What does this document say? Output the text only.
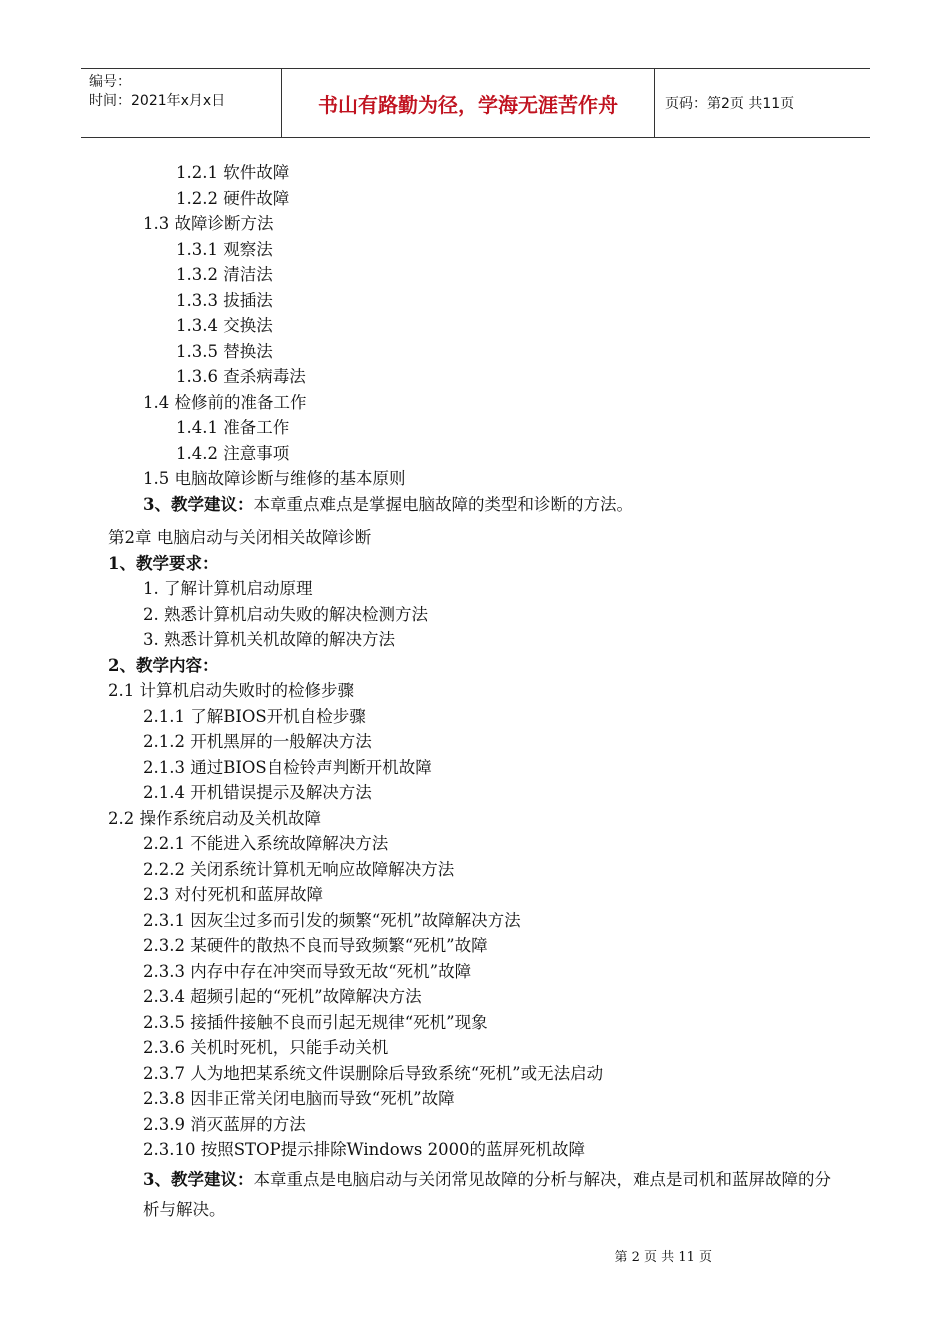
编号：
时间：2021年x月x日	书山有路勤为径，学海无涯苦作舟	页码：第2页 共11页
1.2.1 软件故障
1.2.2 硬件故障
1.3 故障诊断方法
1.3.1 观察法
1.3.2 清洁法
1.3.3 拔插法
1.3.4 交换法
1.3.5 替换法
1.3.6 查杀病毒法
1.4 检修前的准备工作
1.4.1 准备工作
1.4.2 注意事项
1.5 电脑故障诊断与维修的基本原则
3、教学建议：本章重点难点是掌握电脑故障的类型和诊断的方法。
第2章 电脑启动与关闭相关故障诊断
1、教学要求：
1. 了解计算机启动原理
2. 熟悉计算机启动失败的解决检测方法
3. 熟悉计算机关机故障的解决方法
2、教学内容：
2.1 计算机启动失败时的检修步骤
2.1.1 了解BIOS开机自检步骤
2.1.2 开机黑屏的一般解决方法
2.1.3 通过BIOS自检铃声判断开机故障
2.1.4 开机错误提示及解决方法
2.2 操作系统启动及关机故障
2.2.1 不能进入系统故障解决方法
2.2.2 关闭系统计算机无响应故障解决方法
2.3 对付死机和蓝屏故障
2.3.1 因灰尘过多而引发的频繁“死机”故障解决方法
2.3.2 某硬件的散热不良而导致频繁“死机”故障
2.3.3 内存中存在冲突而导致无故“死机”故障
2.3.4 超频引起的“死机”故障解决方法
2.3.5 接插件接触不良而引起无规律“死机”现象
2.3.6 关机时死机，只能手动关机
2.3.7 人为地把某系统文件误删除后导致系统“死机”或无法启动
2.3.8 因非正常关闭电脑而导致“死机”故障
2.3.9 消灭蓝屏的方法
2.3.10 按照STOP提示排除Windows 2000的蓝屏死机故障
3、教学建议：本章重点是电脑启动与关闭常见故障的分析与解决，难点是司机和蓝屏故障的分析与解决。
第 2 页 共 11 页
